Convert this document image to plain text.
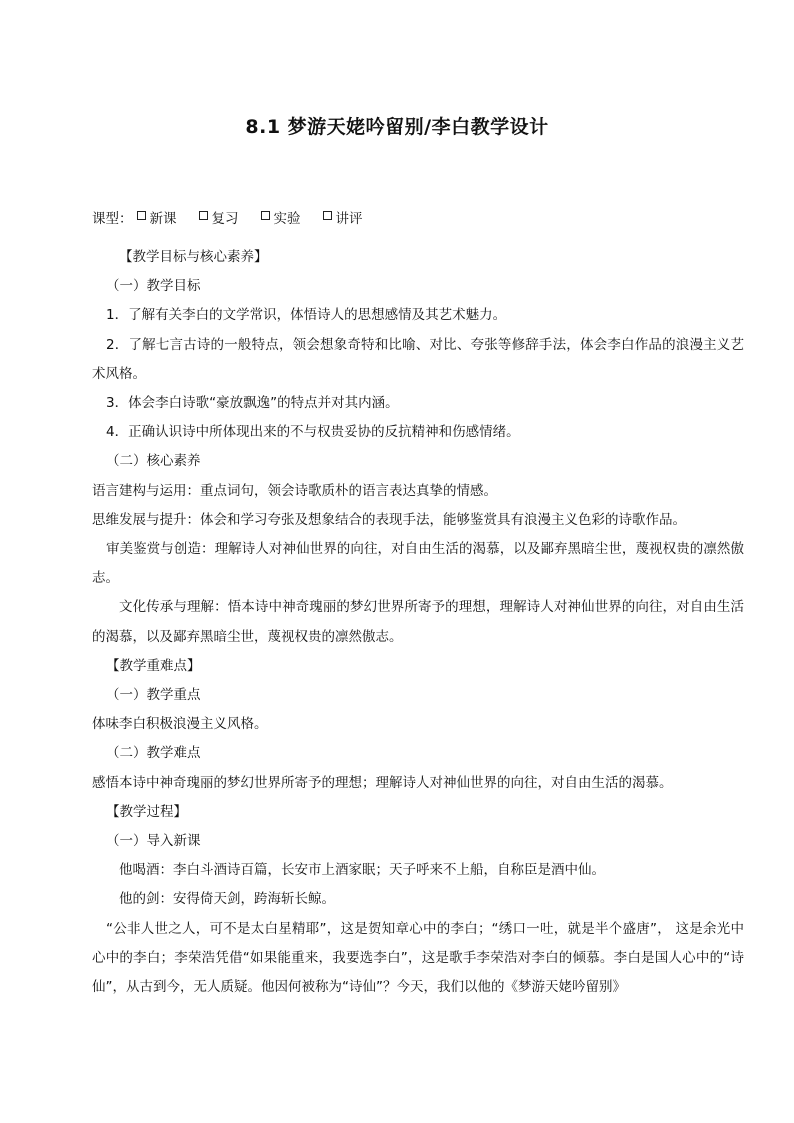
8.1 梦游天姥吟留别/李白教学设计
课型： 新课	复习	实验	讲评

【教学目标与核心素养】

（一）教学目标

1．了解有关李白的文学常识，体悟诗人的思想感情及其艺术魅力。

2．了解七言古诗的一般特点，领会想象奇特和比喻、对比、夸张等修辞手法，体会李白作品的浪漫主义艺术风格。

3．体会李白诗歌“豪放飘逸”的特点并对其内涵。

4．正确认识诗中所体现出来的不与权贵妥协的反抗精神和伤感情绪。

（二）核心素养

语言建构与运用：重点词句，领会诗歌质朴的语言表达真挚的情感。

思维发展与提升：体会和学习夸张及想象结合的表现手法，能够鉴赏具有浪漫主义色彩的诗歌作品。

审美鉴赏与创造：理解诗人对神仙世界的向往，对自由生活的渴慕，以及鄙弃黑暗尘世，蔑视权贵的凛然傲志。

文化传承与理解：悟本诗中神奇瑰丽的梦幻世界所寄予的理想，理解诗人对神仙世界的向往，对自由生活的渴慕，以及鄙弃黑暗尘世，蔑视权贵的凛然傲志。

【教学重难点】

（一）教学重点

体味李白积极浪漫主义风格。

（二）教学难点

感悟本诗中神奇瑰丽的梦幻世界所寄予的理想；理解诗人对神仙世界的向往，对自由生活的渴慕。

【教学过程】

（一）导入新课

他喝酒：李白斗酒诗百篇，长安市上酒家眠；天子呼来不上船，自称臣是酒中仙。

他的剑：安得倚天剑，跨海斩长鲸。

“公非人世之人，可不是太白星精耶”，这是贺知章心中的李白；“绣口一吐，就是半个盛唐”， 这是余光中心中的李白；李荣浩凭借“如果能重来，我要选李白”，这是歌手李荣浩对李白的倾慕。李白是国人心中的“诗仙”，从古到今，无人质疑。他因何被称为“诗仙”？今天，我们以他的《梦游天姥吟留别》
